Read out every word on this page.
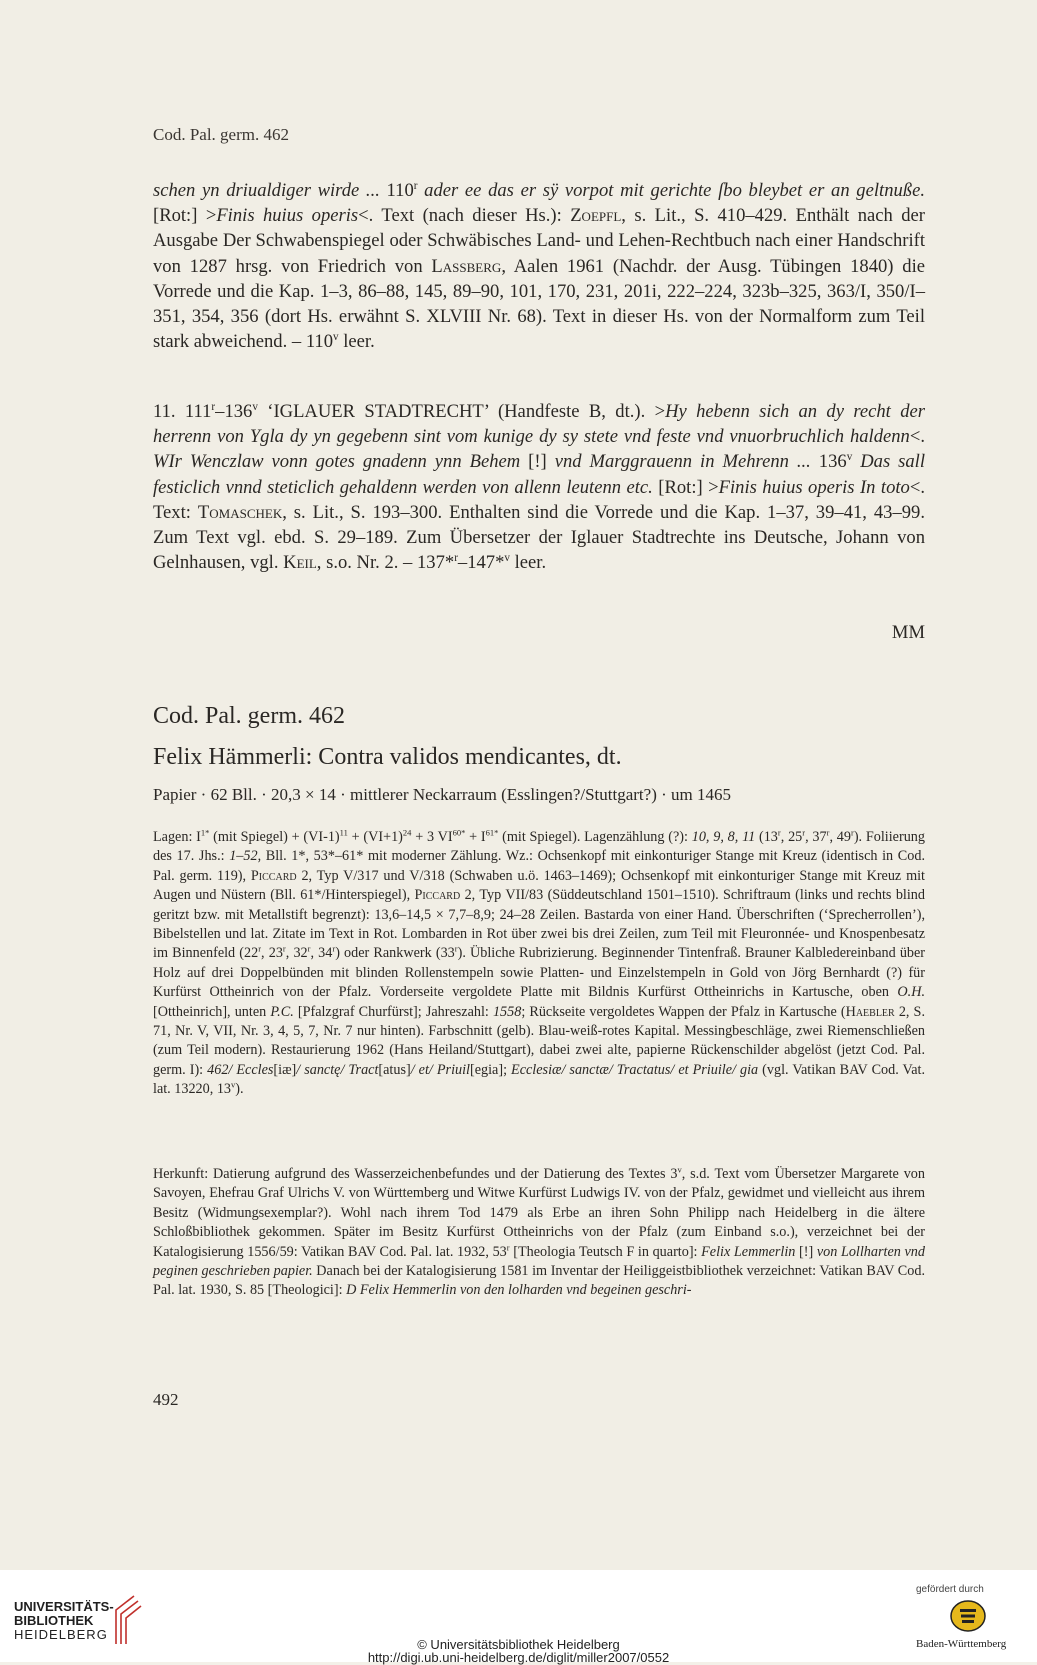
Cod. Pal. germ. 462

schen yn driualdiger wirde ... 110$^r$ ader ee das er sÿ vorpot mit gerichte ſbo bleybet er an geltnuße. [Rot:] >Finis huius operis<. Text (nach dieser Hs.): Zoepfl, s. Lit., S. 410–429. Enthält nach der Ausgabe Der Schwabenspiegel oder Schwäbisches Land- und Lehen-Rechtbuch nach einer Handschrift von 1287 hrsg. von Friedrich von Lassberg, Aalen 1961 (Nachdr. der Ausg. Tübingen 1840) die Vorrede und die Kap. 1–3, 86–88, 145, 89–90, 101, 170, 231, 201i, 222–224, 323b–325, 363/I, 350/I–351, 354, 356 (dort Hs. erwähnt S. XLVIII Nr. 68). Text in dieser Hs. von der Normalform zum Teil stark abweichend. – 110$^v$ leer.

11. 111$^r$–136$^v$ ‘IGLAUER STADTRECHT’ (Handfeste B, dt.). >Hy hebenn sich an dy recht der herrenn von Ygla dy yn gegebenn sint vom kunige dy sy stete vnd feste vnd vnuorbruchlich haldenn<. WIr Wenczlaw vonn gotes gnadenn ynn Behem [!] vnd Marggrauenn in Mehrenn ... 136$^v$ Das sall festiclich vnnd steticlich gehaldenn werden von allenn leutenn etc. [Rot:] >Finis huius operis In toto<. Text: Tomaschek, s. Lit., S. 193–300. Enthalten sind die Vorrede und die Kap. 1–37, 39–41, 43–99. Zum Text vgl. ebd. S. 29–189. Zum Übersetzer der Iglauer Stadtrechte ins Deutsche, Johann von Gelnhausen, vgl. Keil, s.o. Nr. 2. – 137*$^r$–147*$^v$ leer.

MM
Cod. Pal. germ. 462
Felix Hämmerli: Contra validos mendicantes, dt.
Papier · 62 Bll. · 20,3 × 14 · mittlerer Neckarraum (Esslingen?/Stuttgart?) · um 1465

Lagen: $I^{1*}$ (mit Spiegel) + $(VI-1)^{11} + (VI+1)^{24} + 3$ $VI^{60*} + I^{61*}$ (mit Spiegel). Lagenzählung (?): 10, 9, 8, 11 (13$^r$, 25$^r$, 37$^r$, 49$^r$). Foliierung des 17. Jhs.: 1–52, Bll. 1*, 53*–61* mit moderner Zählung. Wz.: Ochsenkopf mit einkonturiger Stange mit Kreuz (identisch in Cod. Pal. germ. 119), Piccard 2, Typ V/317 und V/318 (Schwaben u.ö. 1463–1469); Ochsenkopf mit einkonturiger Stange mit Kreuz mit Augen und Nüstern (Bll. 61*/Hinterspiegel), Piccard 2, Typ VII/83 (Süddeutschland 1501–1510). Schriftraum (links und rechts blind geritzt bzw. mit Metallstift begrenzt): 13,6–14,5 × 7,7–8,9; 24–28 Zeilen. Bastarda von einer Hand. Überschriften (‘Sprecherrollen’), Bibelstellen und lat. Zitate im Text in Rot. Lombarden in Rot über zwei bis drei Zeilen, zum Teil mit Fleuronnée- und Knospenbesatz im Binnenfeld (22$^r$, 23$^r$, 32$^r$, 34$^r$) oder Rankwerk (33$^r$). Übliche Rubrizierung. Beginnender Tintenfraß. Brauner Kalbledereinband über Holz auf drei Doppelbünden mit blinden Rollenstempeln sowie Platten- und Einzelstempeln in Gold von Jörg Bernhardt (?) für Kurfürst Ottheinrich von der Pfalz. Vorderseite vergoldete Platte mit Bildnis Kurfürst Ottheinrichs in Kartusche, oben O.H. [Ottheinrich], unten P.C. [Pfalzgraf Churfürst]; Jahreszahl: 1558; Rückseite vergoldetes Wappen der Pfalz in Kartusche (Haebler 2, S. 71, Nr. V, VII, Nr. 3, 4, 5, 7, Nr. 7 nur hinten). Farbschnitt (gelb). Blau-weiß-rotes Kapital. Messingbeschläge, zwei Riemenschließen (zum Teil modern). Restaurierung 1962 (Hans Heiland/Stuttgart), dabei zwei alte, papierne Rückenschilder abgelöst (jetzt Cod. Pal. germ. I): 462/ Eccles[iæ]/ sanctę/ Tract[atus]/ et/ Priuil[egia]; Ecclesiæ/ sanctæ/ Tractatus/ et Priuile/ gia (vgl. Vatikan BAV Cod. Vat. lat. 13220, 13$^v$).

Herkunft: Datierung aufgrund des Wasserzeichenbefundes und der Datierung des Textes 3$^v$, s.d. Text vom Übersetzer Margarete von Savoyen, Ehefrau Graf Ulrichs V. von Württemberg und Witwe Kurfürst Ludwigs IV. von der Pfalz, gewidmet und vielleicht aus ihrem Besitz (Widmungsexemplar?). Wohl nach ihrem Tod 1479 als Erbe an ihren Sohn Philipp nach Heidelberg in die ältere Schloßbibliothek gekommen. Später im Besitz Kurfürst Ottheinrichs von der Pfalz (zum Einband s.o.), verzeichnet bei der Katalogisierung 1556/59: Vatikan BAV Cod. Pal. lat. 1932, 53$^r$ [Theologia Teutsch F in quarto]: Felix Lemmerlin [!] von Lollharten vnd peginen geschrieben papier. Danach bei der Katalogisierung 1581 im Inventar der Heiliggeistbibliothek verzeichnet: Vatikan BAV Cod. Pal. lat. 1930, S. 85 [Theologici]: D Felix Hemmerlin von den lolharden vnd begeinen geschri-

492
UNIVERSITÄTS-
BIBLIOTHEK
HEIDELBERG
© Universitätsbibliothek Heidelberg
http://digi.ub.uni-heidelberg.de/diglit/miller2007/0552
gefördert durch
Baden-Württemberg
